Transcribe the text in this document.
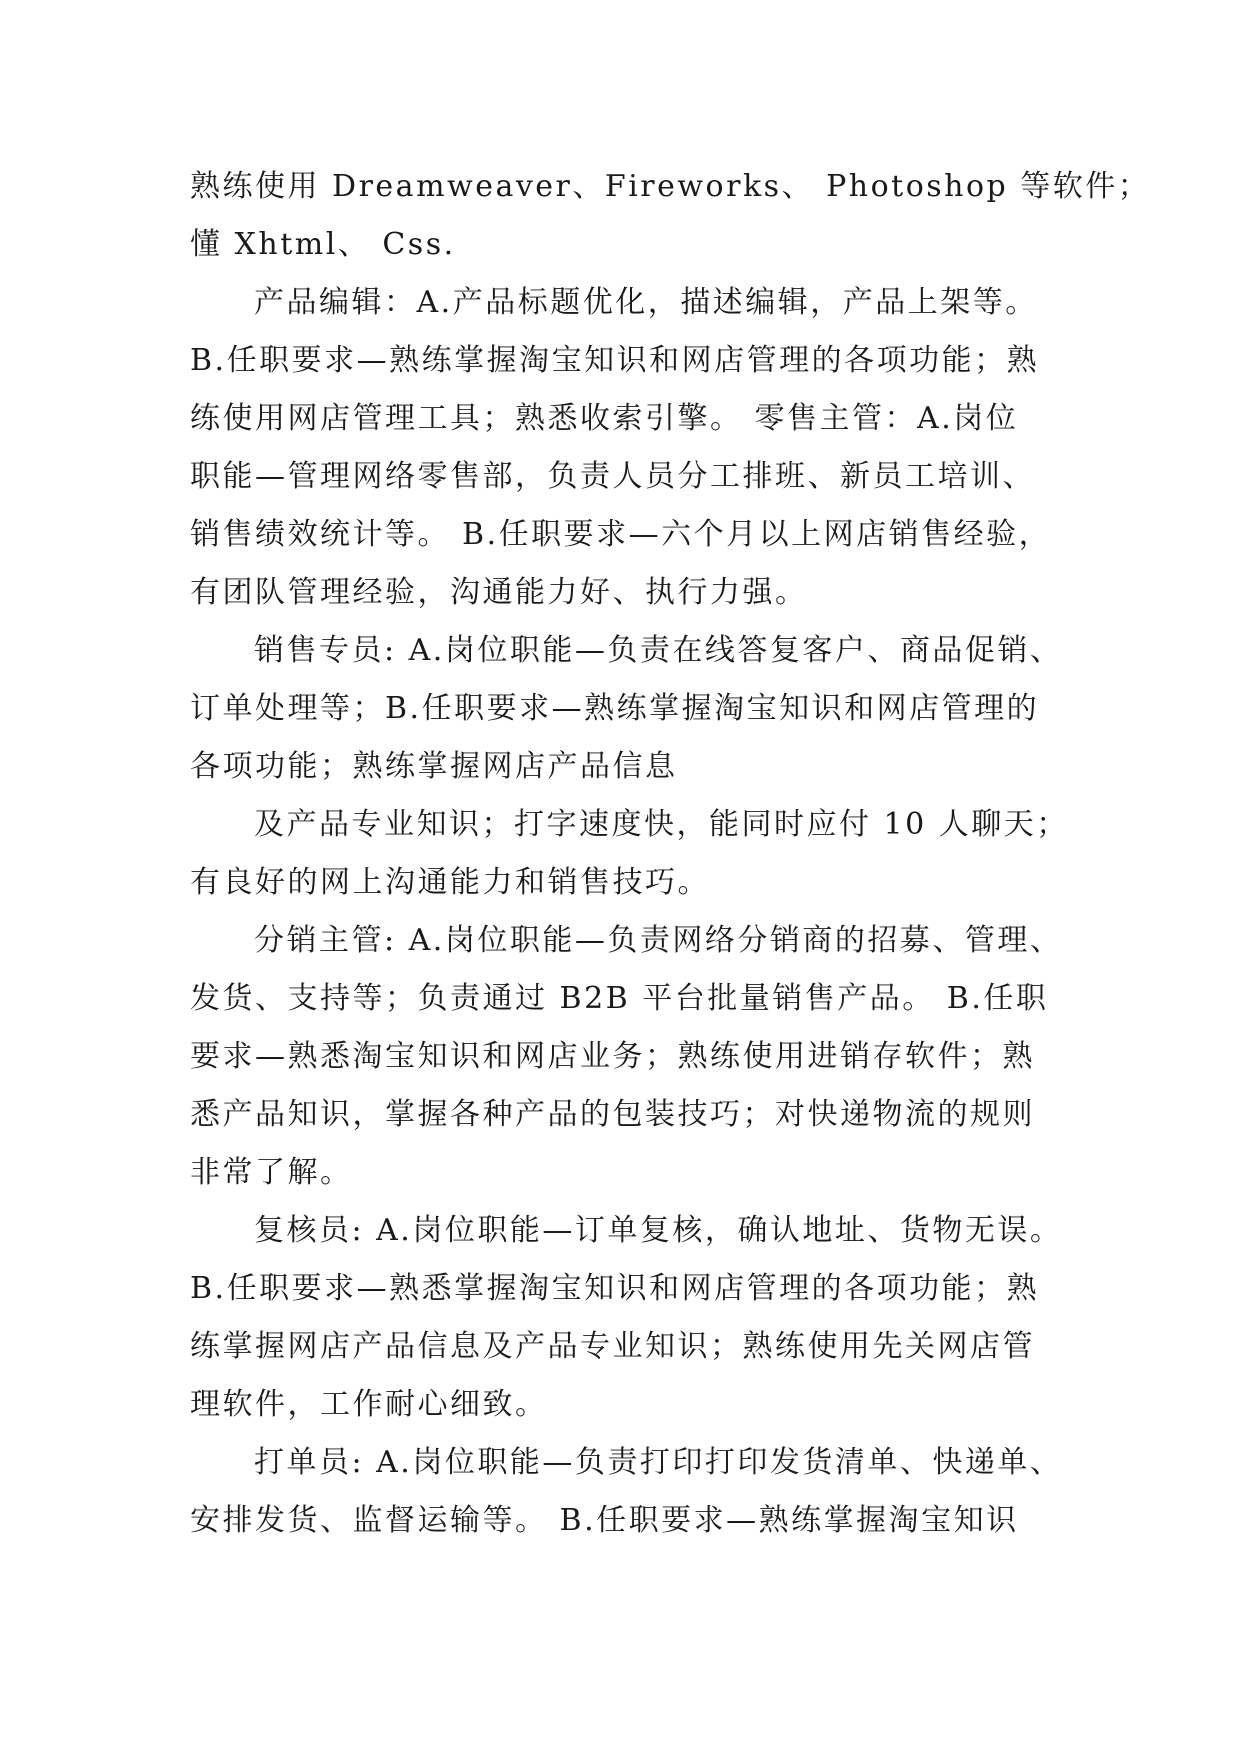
熟练使用 Dreamweaver、Fireworks、 Photoshop 等软件；
懂 Xhtml、 Css.

产品编辑：A.产品标题优化，描述编辑，产品上架等。
B.任职要求—熟练掌握淘宝知识和网店管理的各项功能；熟
练使用网店管理工具；熟悉收索引擎。 零售主管：A.岗位
职能—管理网络零售部，负责人员分工排班、新员工培训、
销售绩效统计等。 B.任职要求—六个月以上网店销售经验，
有团队管理经验，沟通能力好、执行力强。

销售专员: A.岗位职能—负责在线答复客户、商品促销、
订单处理等；B.任职要求—熟练掌握淘宝知识和网店管理的
各项功能；熟练掌握网店产品信息

及产品专业知识；打字速度快，能同时应付 10 人聊天；
有良好的网上沟通能力和销售技巧。

分销主管: A.岗位职能—负责网络分销商的招募、管理、
发货、支持等；负责通过 B2B 平台批量销售产品。 B.任职
要求—熟悉淘宝知识和网店业务；熟练使用进销存软件；熟
悉产品知识，掌握各种产品的包装技巧；对快递物流的规则
非常了解。

复核员: A.岗位职能—订单复核，确认地址、货物无误。
B.任职要求—熟悉掌握淘宝知识和网店管理的各项功能；熟
练掌握网店产品信息及产品专业知识；熟练使用先关网店管
理软件，工作耐心细致。

打单员: A.岗位职能—负责打印打印发货清单、快递单、
安排发货、监督运输等。 B.任职要求—熟练掌握淘宝知识
